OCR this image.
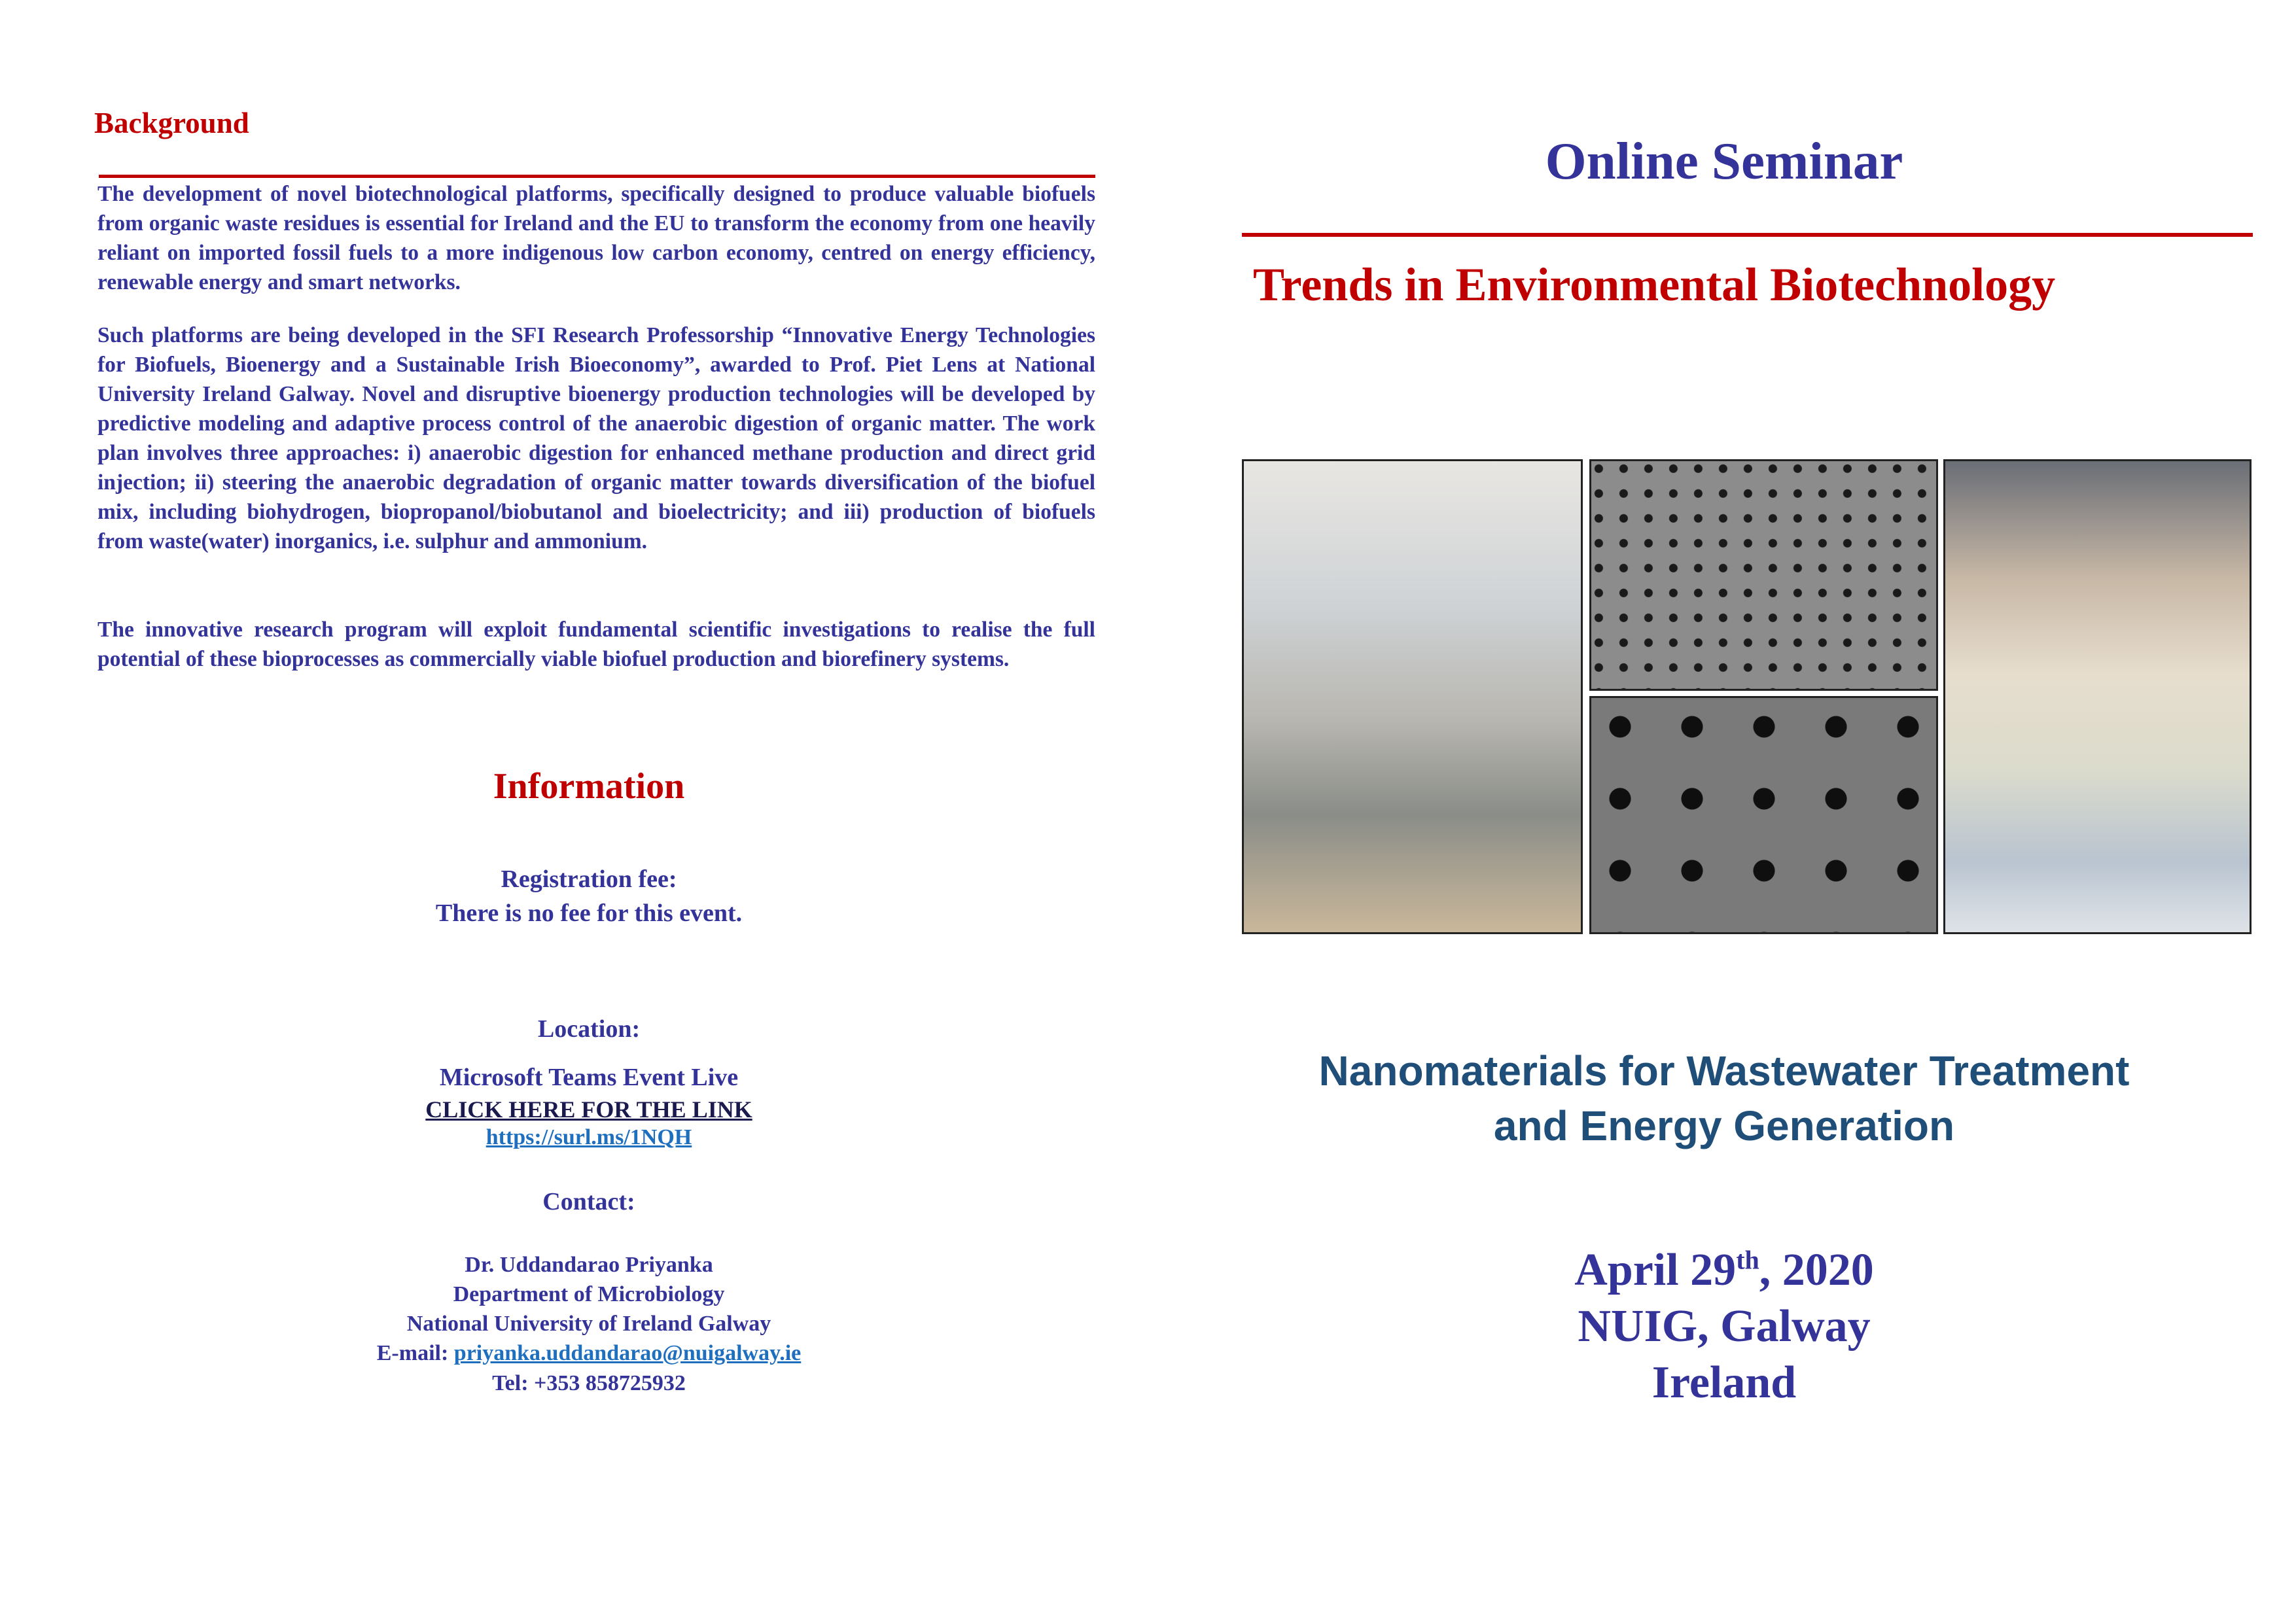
Background

The development of novel biotechnological platforms, specifically designed to produce valuable biofuels from organic waste residues is essential for Ireland and the EU to transform the economy from one heavily reliant on imported fossil fuels to a more indigenous low carbon economy, centred on energy efficiency, renewable energy and smart networks.

Such platforms are being developed in the SFI Research Professorship “Innovative Energy Technologies for Biofuels, Bioenergy and a Sustainable Irish Bioeconomy”, awarded to Prof. Piet Lens at National University Ireland Galway. Novel and disruptive bioenergy production technologies will be developed by predictive modeling and adaptive process control of the anaerobic digestion of organic matter. The work plan involves three approaches: i) anaerobic digestion for enhanced methane production and direct grid injection; ii) steering the anaerobic degradation of organic matter towards diversification of the biofuel mix, including biohydrogen, biopropanol/biobutanol and bioelectricity; and iii) production of biofuels from waste(water) inorganics, i.e. sulphur and ammonium.

The innovative research program will exploit fundamental scientific investigations to realise the full potential of these bioprocesses as commercially viable biofuel production and biorefinery systems.

Information
Registration fee:
There is no fee for this event.
Location:
Microsoft Teams Event Live
CLICK HERE FOR THE LINK
https://surl.ms/1NQH
Contact:
Dr. Uddandarao Priyanka
Department of Microbiology
National University of Ireland Galway
E-mail: priyanka.uddandarao@nuigalway.ie
Tel: +353 858725932
Online Seminar
Trends in Environmental Biotechnology
Nanomaterials for Wastewater Treatment
and Energy Generation
April 29th, 2020
NUIG, Galway
Ireland
